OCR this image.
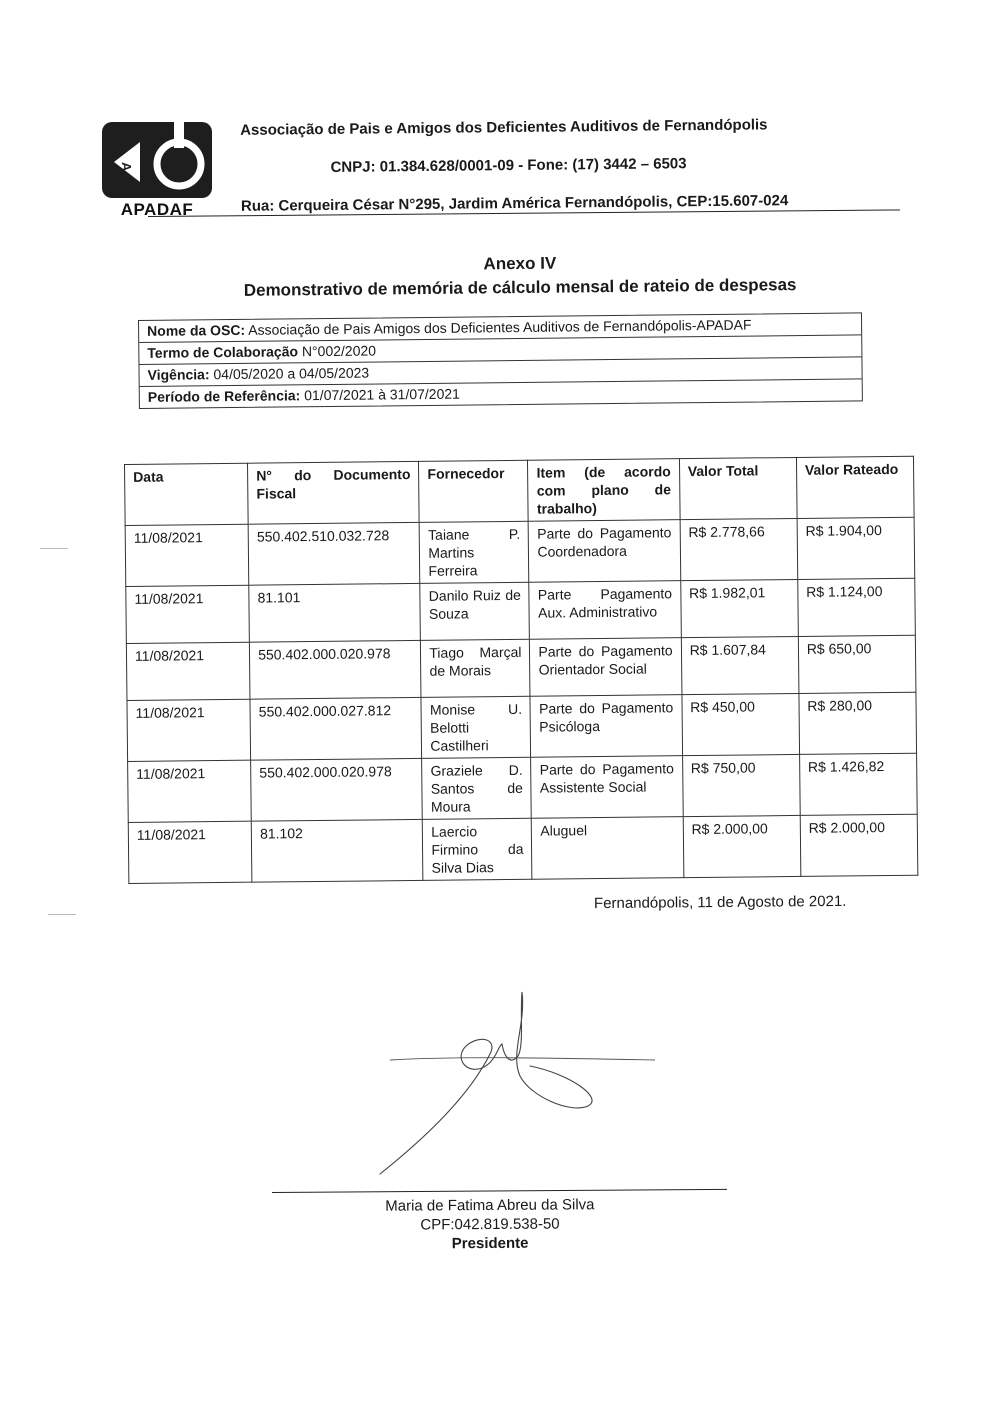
A
APADAF
Associação de Pais e Amigos dos Deficientes Auditivos de Fernandópolis
CNPJ: 01.384.628/0001-09 - Fone: (17) 3442 – 6503
Rua: Cerqueira César N°295, Jardim América Fernandópolis, CEP:15.607-024
Anexo IV
Demonstrativo de memória de cálculo mensal de rateio de despesas
Nome da OSC: Associação de Pais Amigos dos Deficientes Auditivos de Fernandópolis-APADAF
Termo de Colaboração N°002/2020
Vigência: 04/05/2020 a 04/05/2023
Período de Referência: 01/07/2021 à 31/07/2021
Data	N° do Documento Fiscal	Fornecedor	Item (de acordo com plano de trabalho)	Valor Total	Valor Rateado
11/08/2021	550.402.510.032.728	Taiane P. Martins Ferreira	Parte do Pagamento Coordenadora	R$ 2.778,66	R$ 1.904,00
11/08/2021	81.101	Danilo Ruiz de Souza	Parte Pagamento Aux. Administrativo	R$ 1.982,01	R$ 1.124,00
11/08/2021	550.402.000.020.978	Tiago Marçal de Morais	Parte do Pagamento Orientador Social	R$ 1.607,84	R$ 650,00
11/08/2021	550.402.000.027.812	Monise U. Belotti Castilheri	Parte do Pagamento Psicóloga	R$ 450,00	R$ 280,00
11/08/2021	550.402.000.020.978	Graziele D. Santos de Moura	Parte do Pagamento Assistente Social	R$ 750,00	R$ 1.426,82
11/08/2021	81.102	Laercio Firmino da Silva Dias	Aluguel	R$ 2.000,00	R$ 2.000,00
Fernandópolis, 11 de Agosto de 2021.
Maria de Fatima Abreu da Silva
CPF:042.819.538-50
Presidente
